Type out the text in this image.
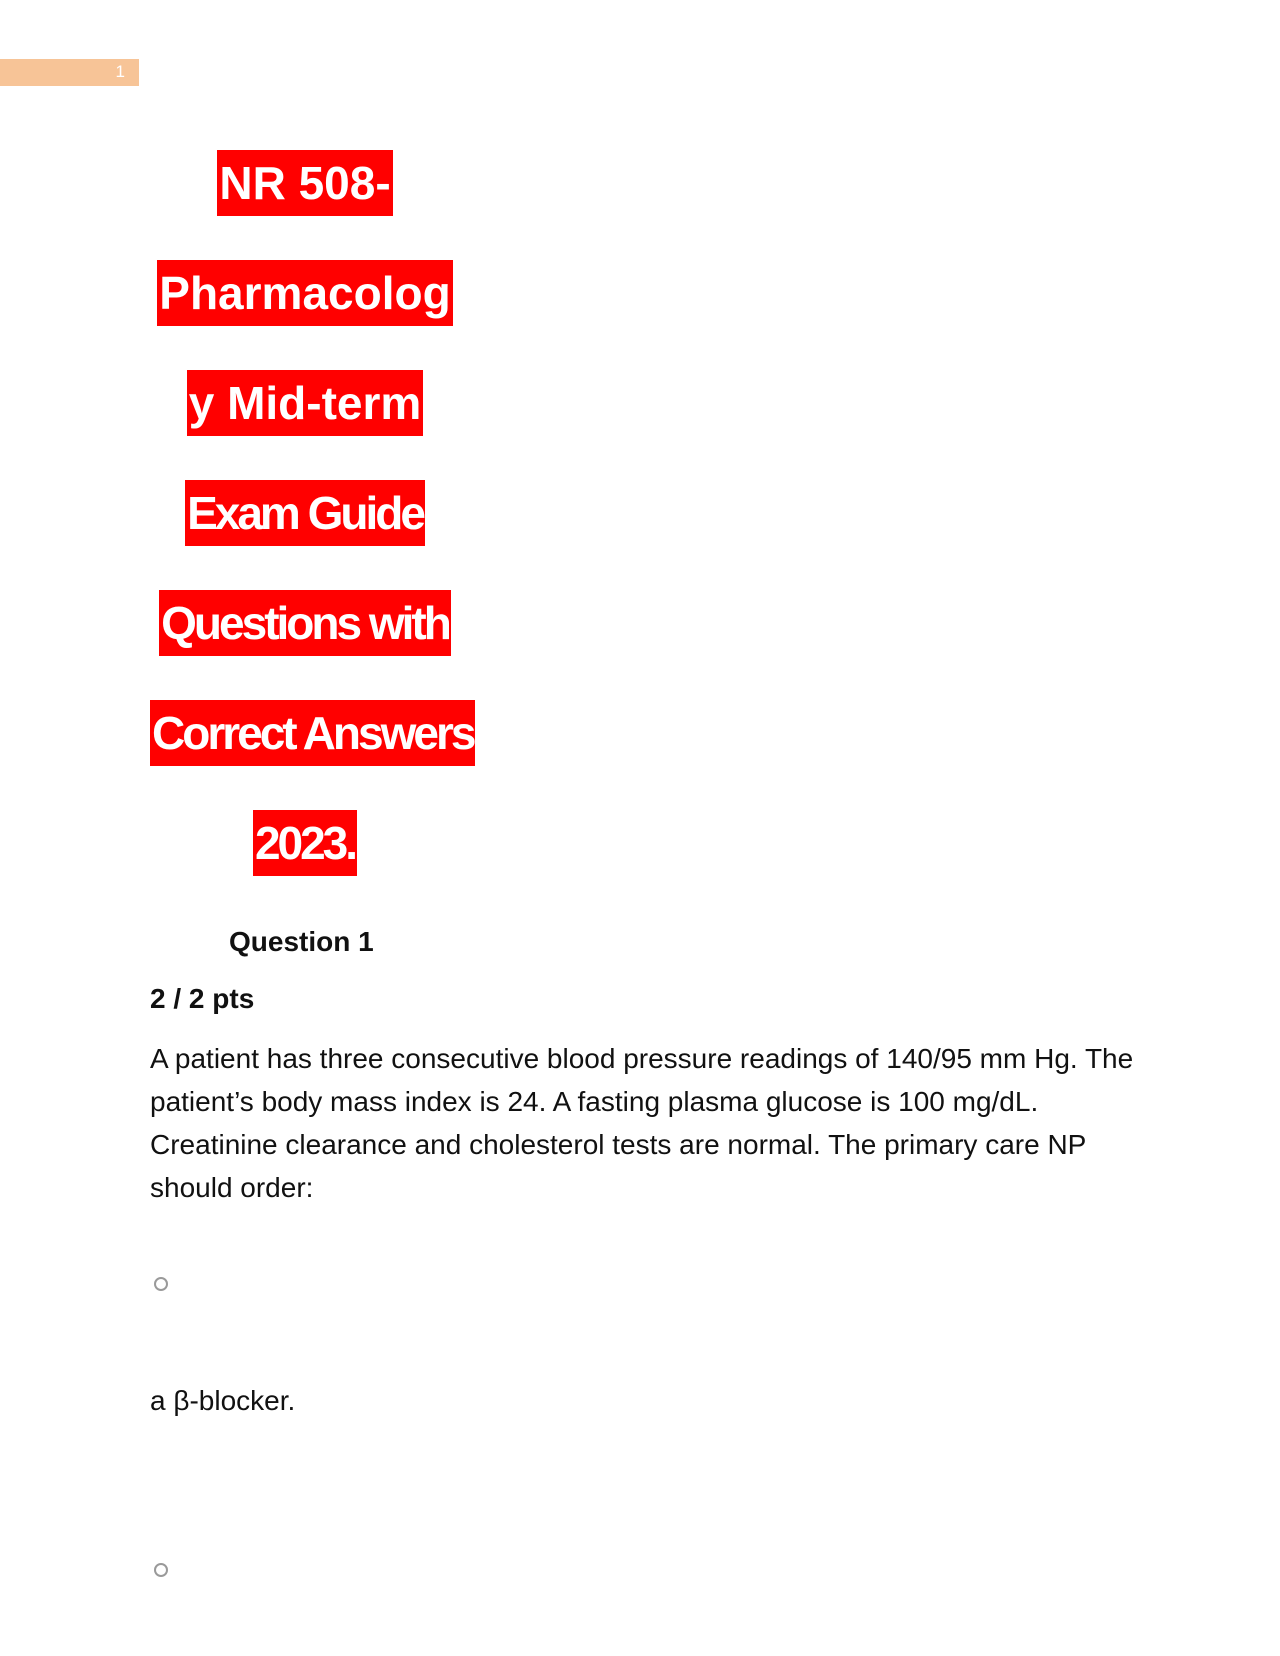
1
NR 508-
Pharmacolog
y Mid-term
Exam Guide
Questions with
Correct Answers
2023.
Question 1
2 / 2 pts
A patient has three consecutive blood pressure readings of 140/95 mm Hg. The patient’s body mass index is 24. A fasting plasma glucose is 100 mg/dL. Creatinine clearance and cholesterol tests are normal. The primary care NP should order:
a β-blocker.
